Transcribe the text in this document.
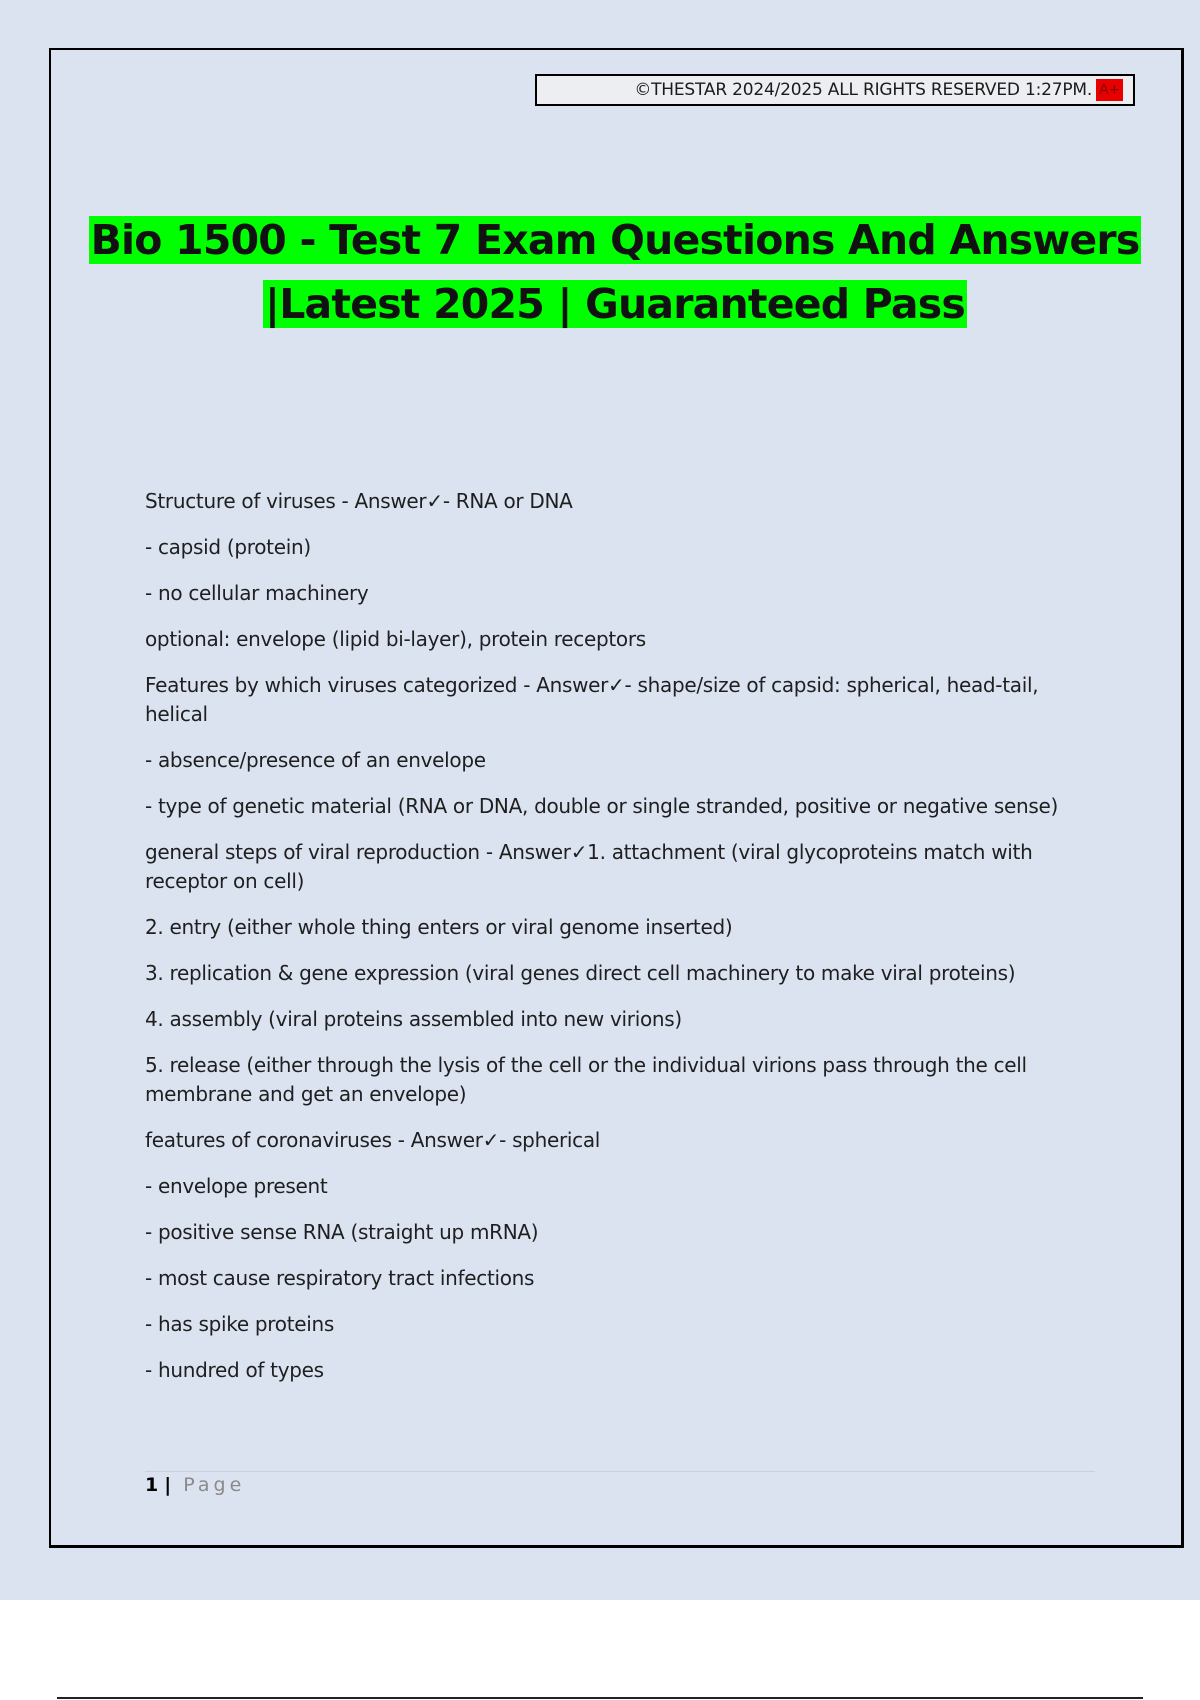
©THESTAR 2024/2025 ALL RIGHTS RESERVED 1:27PM. A+
Bio 1500 - Test 7 Exam Questions And Answers
|Latest 2025 | Guaranteed Pass

Structure of viruses - Answer✓- RNA or DNA

- capsid (protein)

- no cellular machinery

optional: envelope (lipid bi-layer), protein receptors

Features by which viruses categorized - Answer✓- shape/size of capsid: spherical, head-tail, helical

- absence/presence of an envelope

- type of genetic material (RNA or DNA, double or single stranded, positive or negative sense)

general steps of viral reproduction - Answer✓1. attachment (viral glycoproteins match with receptor on cell)

2. entry (either whole thing enters or viral genome inserted)

3. replication & gene expression (viral genes direct cell machinery to make viral proteins)

4. assembly (viral proteins assembled into new virions)

5. release (either through the lysis of the cell or the individual virions pass through the cell membrane and get an envelope)

features of coronaviruses - Answer✓- spherical

- envelope present

- positive sense RNA (straight up mRNA)

- most cause respiratory tract infections

- has spike proteins

- hundred of types

1 | Page
